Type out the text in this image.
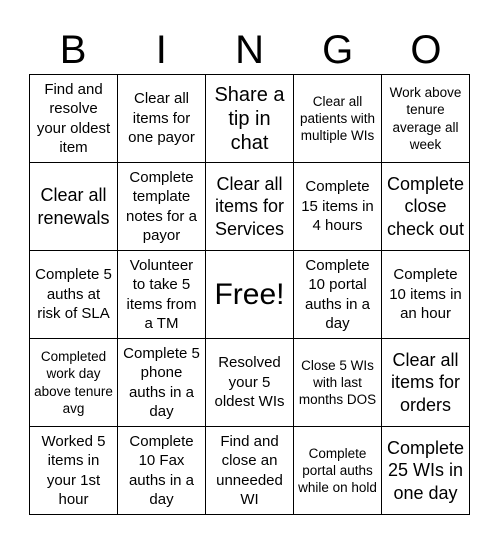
B	I	N	G	O
Find and resolve your oldest item
Clear all items for one payor
Share a tip in chat
Clear all patients with multiple WIs
Work above tenure average all week
Clear all renewals
Complete template notes for a payor
Clear all items for Services
Complete 15 items in 4 hours
Complete close check out
Complete 5 auths at risk of SLA
Volunteer to take 5 items from a TM
Free!
Complete 10 portal auths in a day
Complete 10 items in an hour
Completed work day above tenure avg
Complete 5 phone auths in a day
Resolved your 5 oldest WIs
Close 5 WIs with last months DOS
Clear all items for orders
Worked 5 items in your 1st hour
Complete 10 Fax auths in a day
Find and close an unneeded WI
Complete portal auths while on hold
Complete 25 WIs in one day
